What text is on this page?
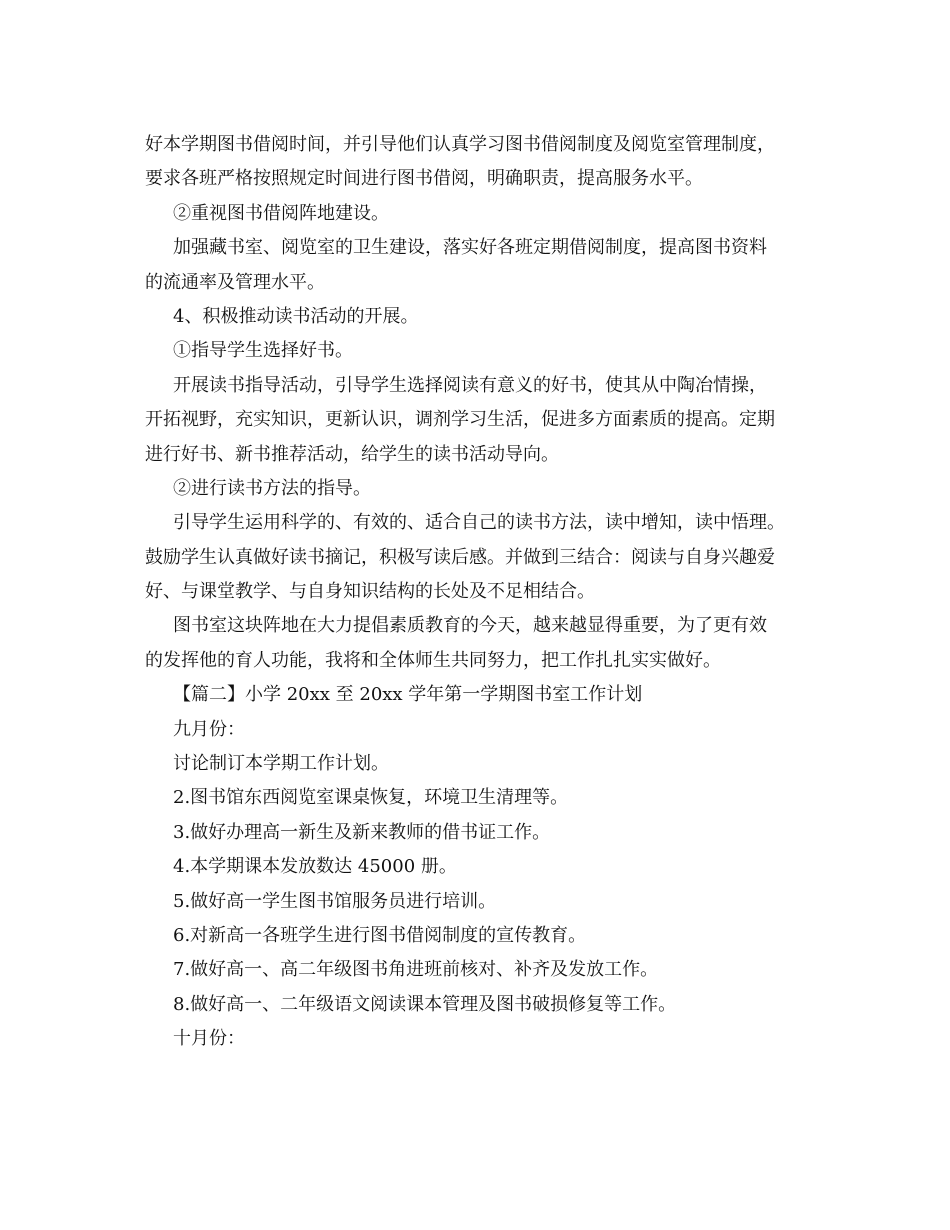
好本学期图书借阅时间，并引导他们认真学习图书借阅制度及阅览室管理制度，
要求各班严格按照规定时间进行图书借阅，明确职责，提高服务水平。
②重视图书借阅阵地建设。
加强藏书室、阅览室的卫生建设，落实好各班定期借阅制度，提高图书资料
的流通率及管理水平。
4、积极推动读书活动的开展。
①指导学生选择好书。
开展读书指导活动，引导学生选择阅读有意义的好书，使其从中陶冶情操，
开拓视野，充实知识，更新认识，调剂学习生活，促进多方面素质的提高。定期
进行好书、新书推荐活动，给学生的读书活动导向。
②进行读书方法的指导。
引导学生运用科学的、有效的、适合自己的读书方法，读中增知，读中悟理。
鼓励学生认真做好读书摘记，积极写读后感。并做到三结合：阅读与自身兴趣爱
好、与课堂教学、与自身知识结构的长处及不足相结合。
图书室这块阵地在大力提倡素质教育的今天，越来越显得重要，为了更有效
的发挥他的育人功能，我将和全体师生共同努力，把工作扎扎实实做好。
【篇二】小学 20xx 至 20xx 学年第一学期图书室工作计划
九月份：
讨论制订本学期工作计划。
2.图书馆东西阅览室课桌恢复，环境卫生清理等。
3.做好办理高一新生及新来教师的借书证工作。
4.本学期课本发放数达 45000 册。
5.做好高一学生图书馆服务员进行培训。
6.对新高一各班学生进行图书借阅制度的宣传教育。
7.做好高一、高二年级图书角进班前核对、补齐及发放工作。
8.做好高一、二年级语文阅读课本管理及图书破损修复等工作。
十月份：
